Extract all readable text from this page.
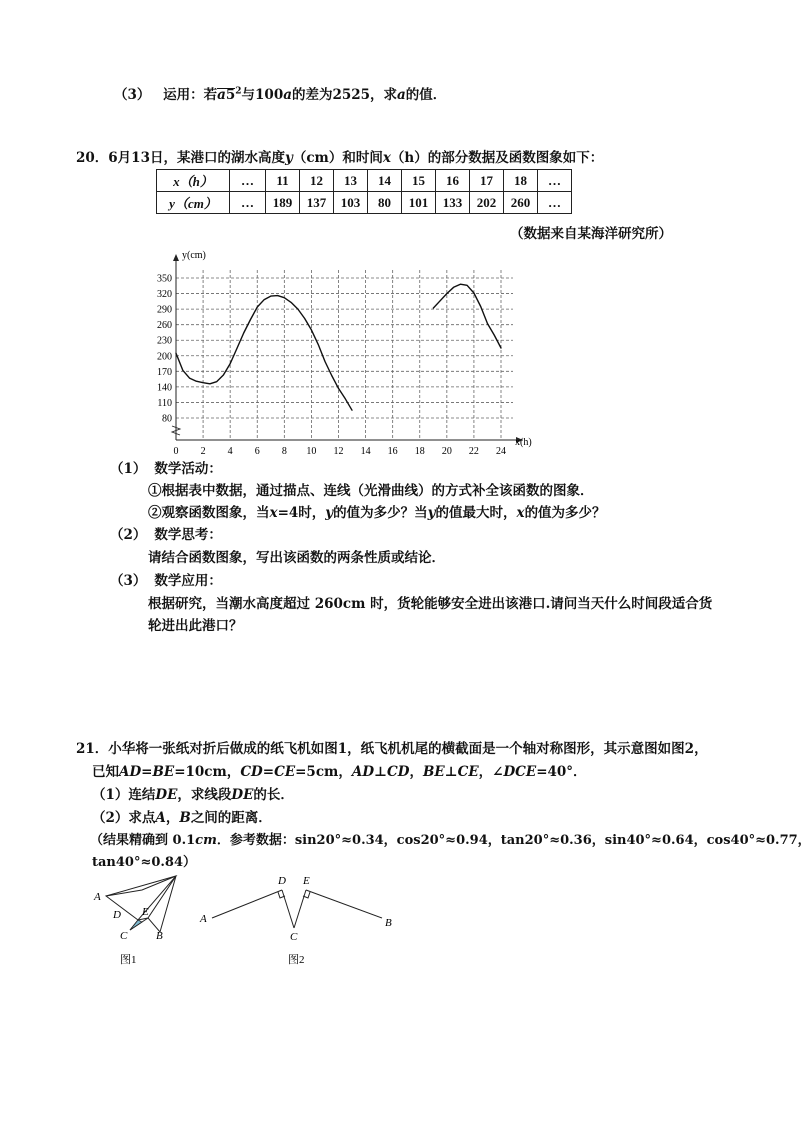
（3） 运用：若
$a5^2$与100a的差为2525，求a的值．
20．6月13日，某港口的湖水高度y（cm）和时间x（h）的部分数据及函数图象如下：
x（h）	…	11	12	13	14	15	16	17	18	…
y（cm）	…	189	137	103	80	101	133	202	260	…
（数据来自某海洋研究所）
x(h)
y(cm)
0 2 4 6 8 10 12 14 16 18 20 22 24
80
110
140
170
200
230
260
290
320
350
（1） 数学活动：
①根据表中数据，通过描点、连线（光滑曲线）的方式补全该函数的图象．
②观察函数图象，当x=4时，y的值为多少？当y的值最大时，x的值为多少？
（2） 数学思考：
请结合函数图象，写出该函数的两条性质或结论．
（3） 数学应用：
根据研究，当潮水高度超过 260cm 时，货轮能够安全进出该港口.请问当天什么时间段适合货
轮进出此港口？
21．小华将一张纸对折后做成的纸飞机如图1，纸飞机机尾的横截面是一个轴对称图形，其示意图如图2，
已知AD=BE=10cm，CD=CE=5cm，AD⊥CD，BE⊥CE，∠DCE=40°．
（1）连结DE，求线段DE的长．
（2）求点A，B之间的距离．
（结果精确到 0.1cm．参考数据：sin20°≈0.34，cos20°≈0.94，tan20°≈0.36，sin40°≈0.64，cos40°≈0.77，
tan40°≈0.84）
A
D E
C	B
图1
D E
A
C
B
图2
